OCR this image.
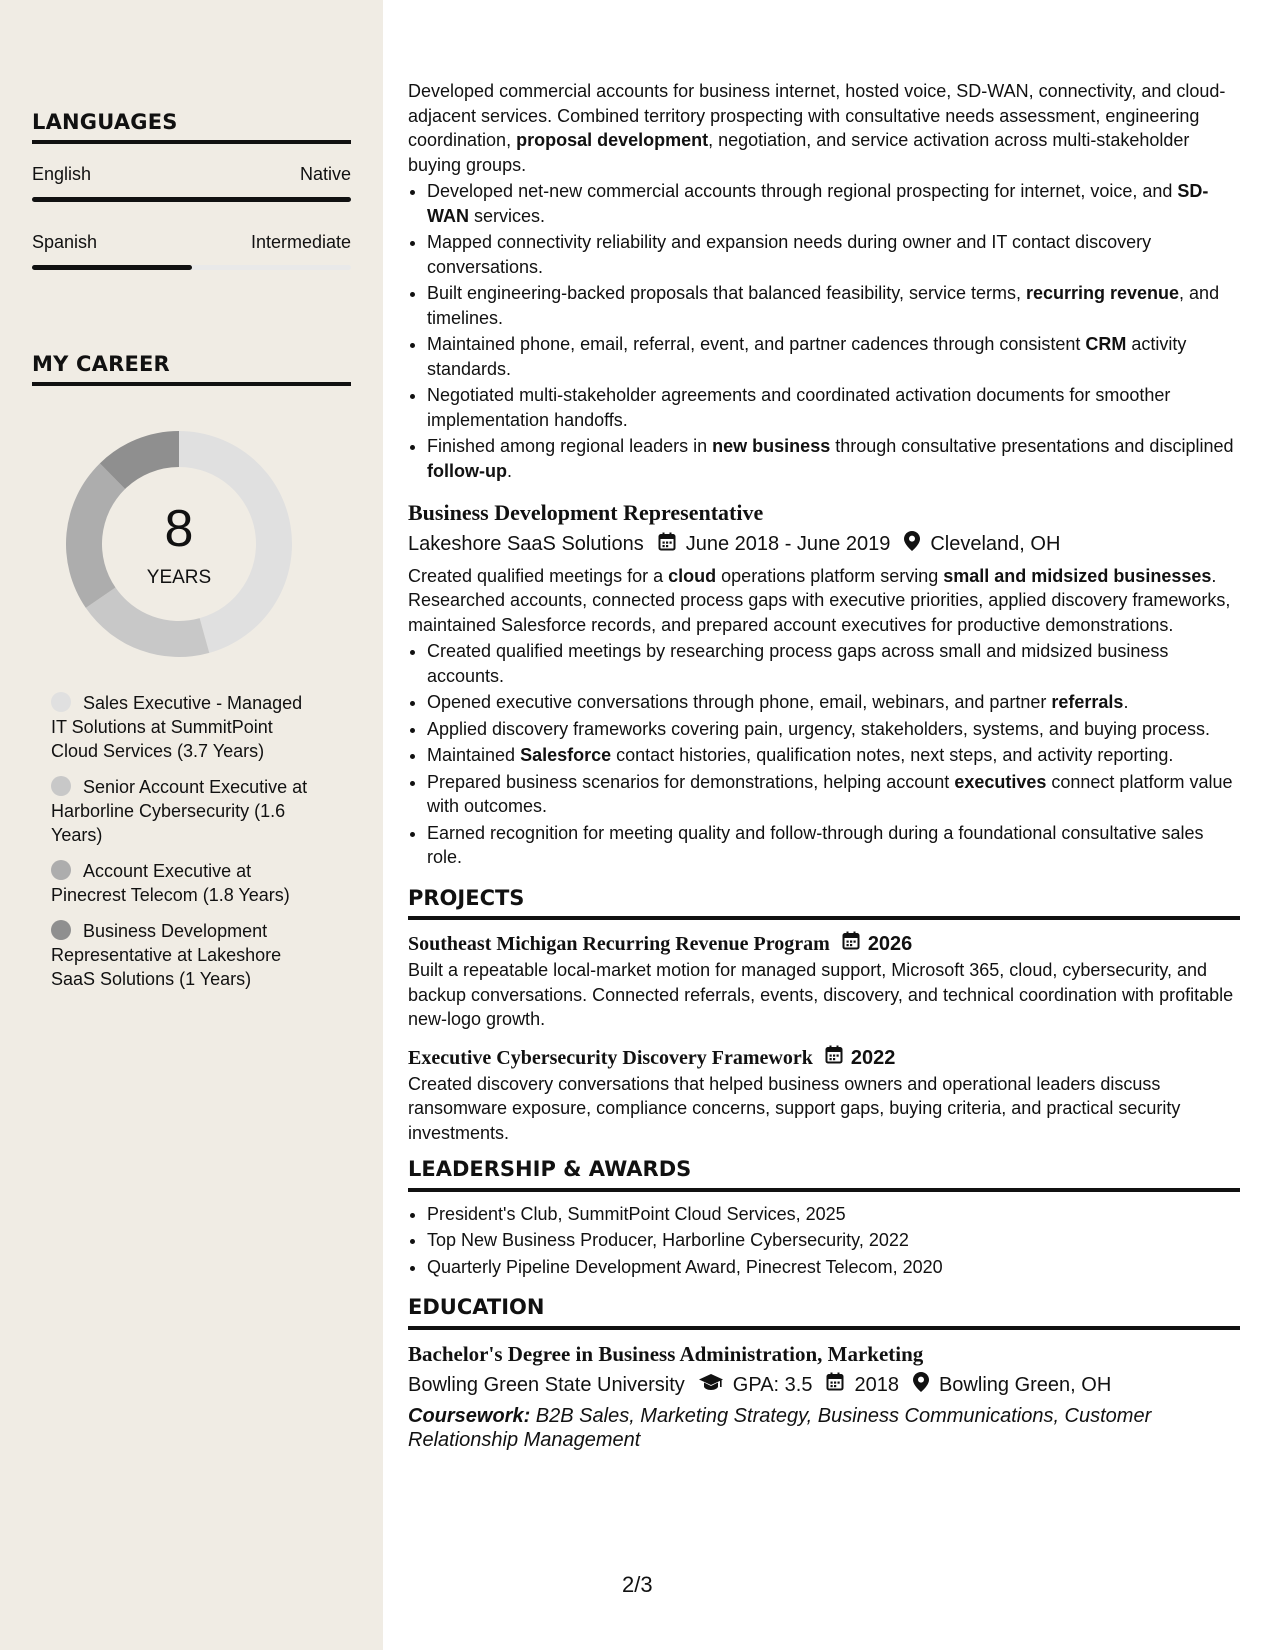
LANGUAGES
English	Native
Spanish	Intermediate
MY CAREER
8
YEARS
Sales Executive - Managed IT Solutions at SummitPoint Cloud Services (3.7 Years)
Senior Account Executive at Harborline Cybersecurity (1.6 Years)
Account Executive at Pinecrest Telecom (1.8 Years)
Business Development Representative at Lakeshore SaaS Solutions (1 Years)

Developed commercial accounts for business internet, hosted voice, SD-WAN, connectivity, and cloud-adjacent services. Combined territory prospecting with consultative needs assessment, engineering coordination, proposal development, negotiation, and service activation across multi-stakeholder buying groups.

• Developed net-new commercial accounts through regional prospecting for internet, voice, and SD-WAN services.
• Mapped connectivity reliability and expansion needs during owner and IT contact discovery conversations.
• Built engineering-backed proposals that balanced feasibility, service terms, recurring revenue, and timelines.
• Maintained phone, email, referral, event, and partner cadences through consistent CRM activity standards.
• Negotiated multi-stakeholder agreements and coordinated activation documents for smoother implementation handoffs.
• Finished among regional leaders in new business through consultative presentations and disciplined follow-up.
Business Development Representative
Lakeshore SaaS Solutions June 2018 - June 2019 Cleveland, OH

Created qualified meetings for a cloud operations platform serving small and midsized businesses. Researched accounts, connected process gaps with executive priorities, applied discovery frameworks, maintained Salesforce records, and prepared account executives for productive demonstrations.

• Created qualified meetings by researching process gaps across small and midsized business accounts.
• Opened executive conversations through phone, email, webinars, and partner referrals.
• Applied discovery frameworks covering pain, urgency, stakeholders, systems, and buying process.
• Maintained Salesforce contact histories, qualification notes, next steps, and activity reporting.
• Prepared business scenarios for demonstrations, helping account executives connect platform value with outcomes.
• Earned recognition for meeting quality and follow-through during a foundational consultative sales role.
PROJECTS
Southeast Michigan Recurring Revenue Program 2026

Built a repeatable local-market motion for managed support, Microsoft 365, cloud, cybersecurity, and backup conversations. Connected referrals, events, discovery, and technical coordination with profitable new-logo growth.

Executive Cybersecurity Discovery Framework 2022

Created discovery conversations that helped business owners and operational leaders discuss ransomware exposure, compliance concerns, support gaps, buying criteria, and practical security investments.

LEADERSHIP & AWARDS
• President's Club, SummitPoint Cloud Services, 2025
• Top New Business Producer, Harborline Cybersecurity, 2022
• Quarterly Pipeline Development Award, Pinecrest Telecom, 2020
EDUCATION
Bachelor's Degree in Business Administration, Marketing
Bowling Green State University GPA: 3.5 2018 Bowling Green, OH
Coursework: B2B Sales, Marketing Strategy, Business Communications, Customer Relationship Management
2/3
